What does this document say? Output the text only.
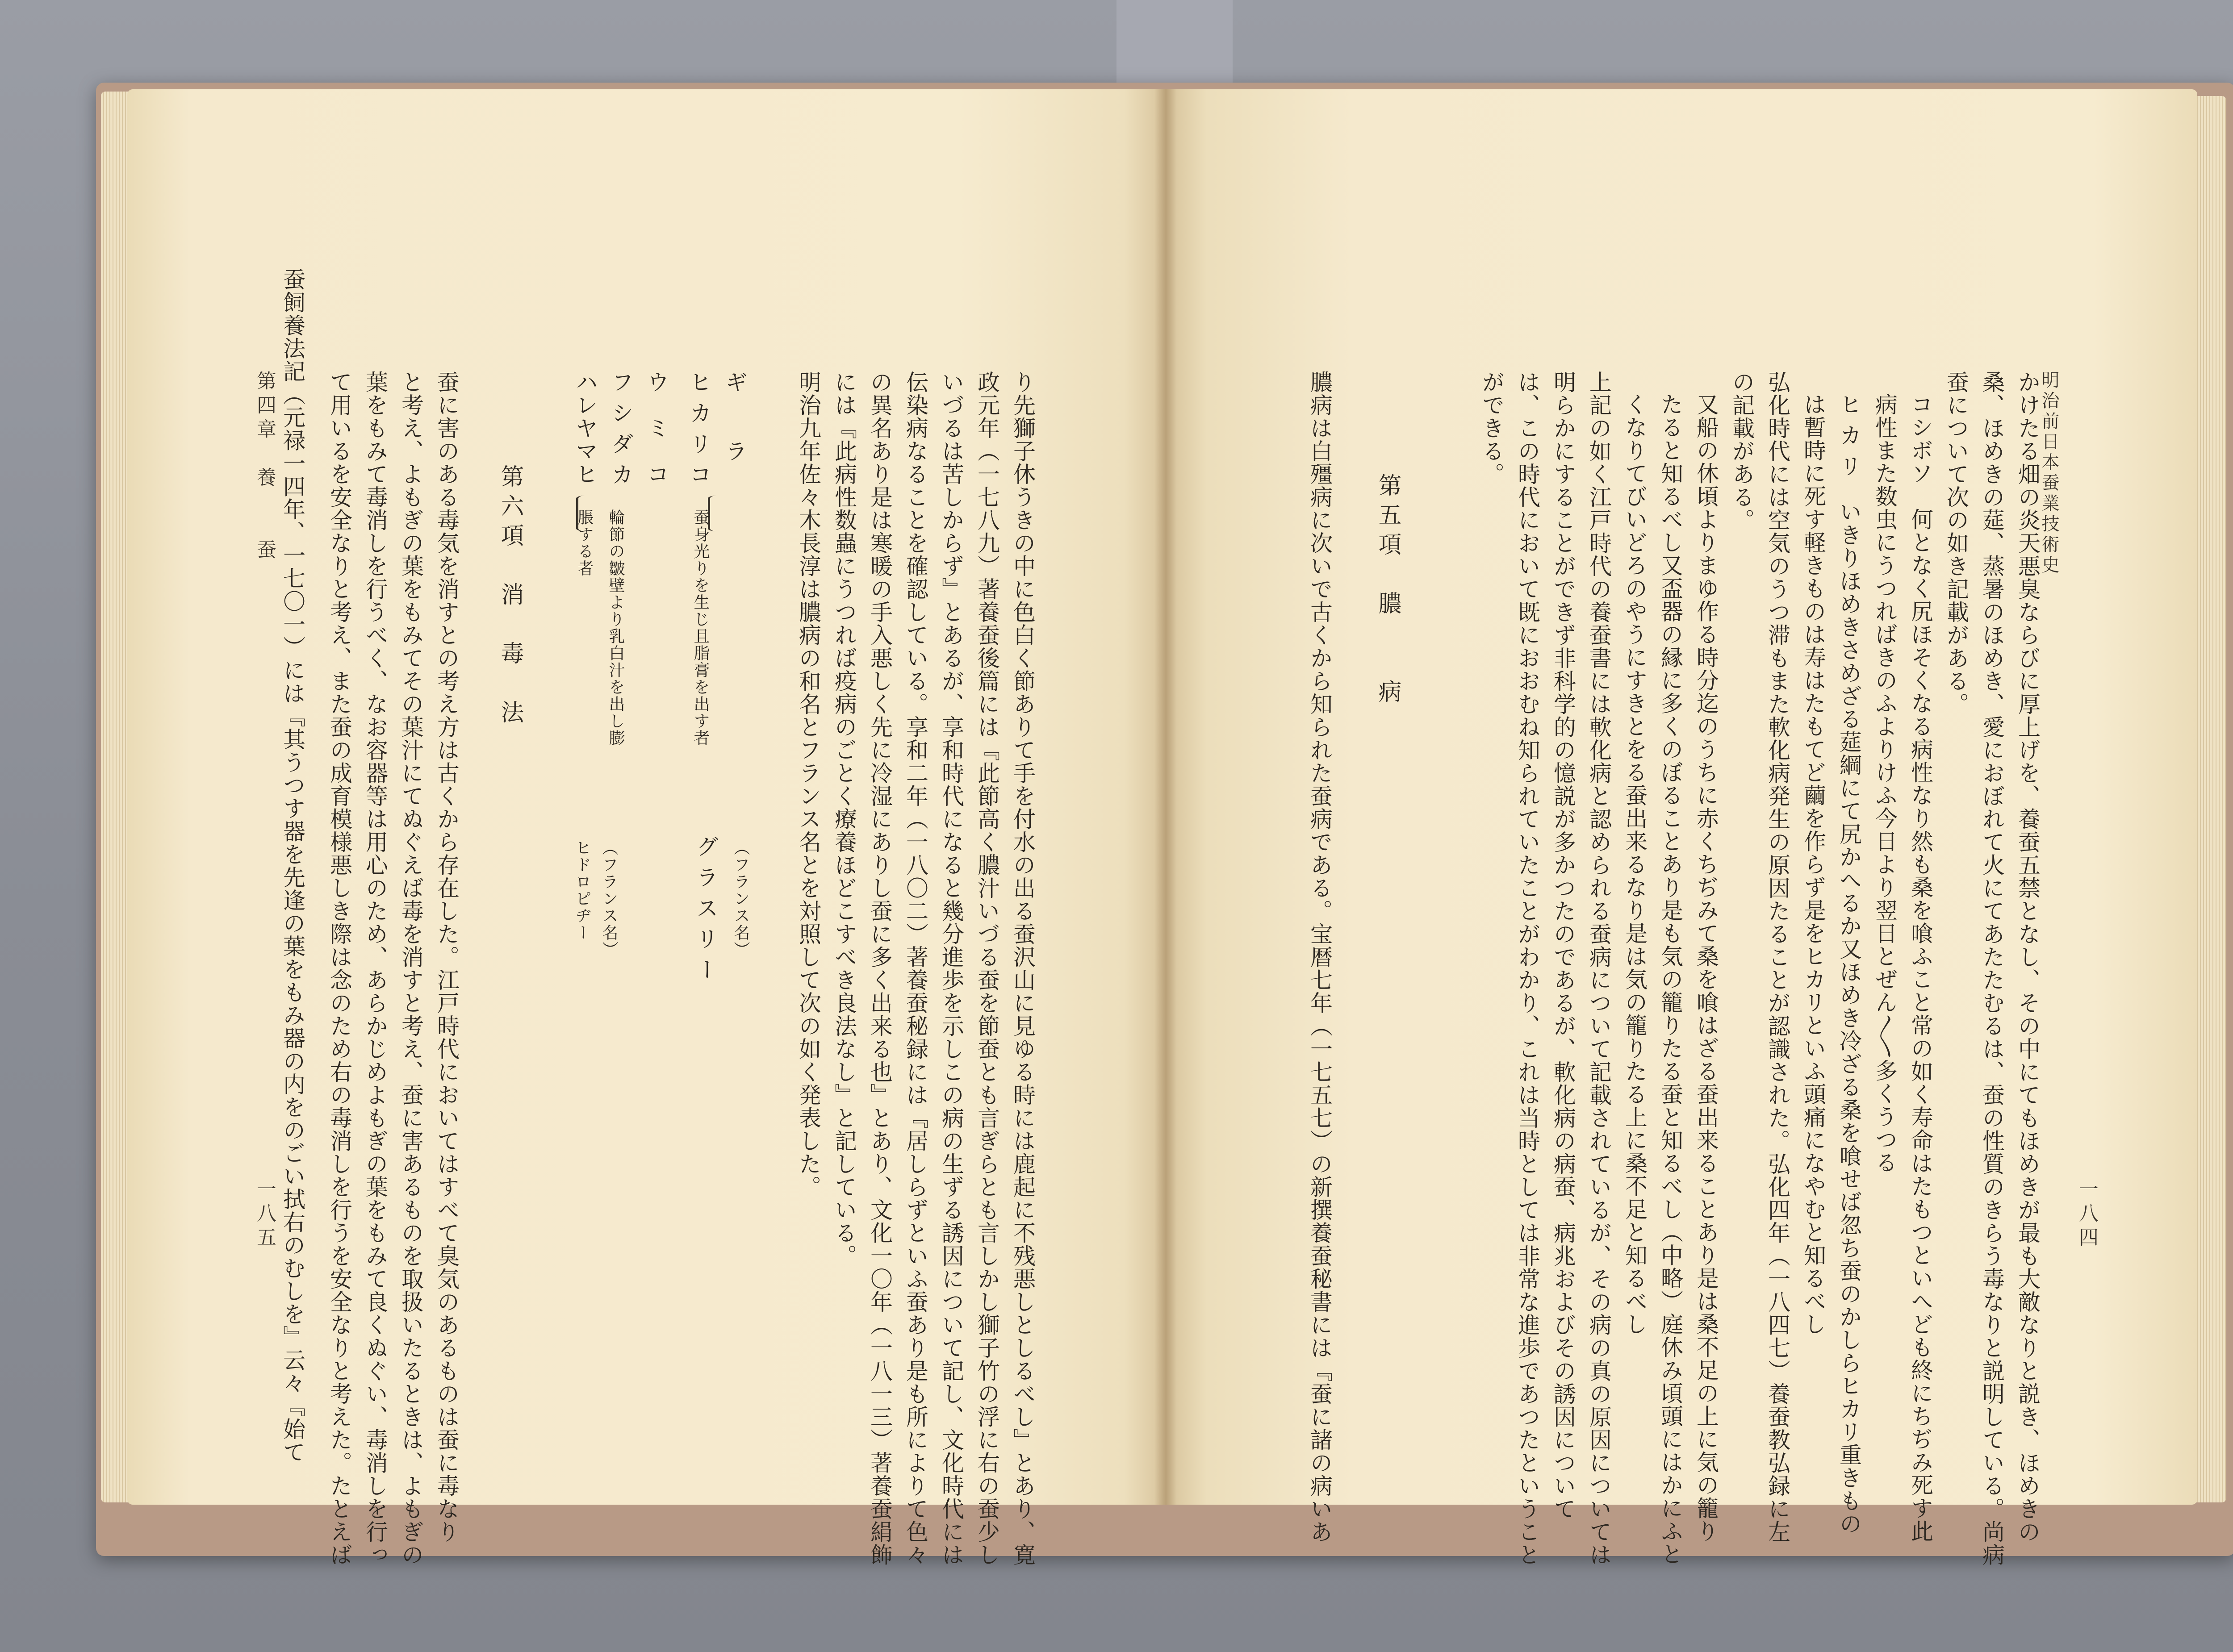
明治前日本蚕業技術史
一八四
かけたる畑の炎天悪臭ならびに厚上げを、養蚕五禁となし、その中にてもほめきが最も大敵なりと説き、ほめきの
桑、ほめきの莚、蒸暑のほめき、愛におぼれて火にてあたたむるは、蚕の性質のきらう毒なりと説明している。尚病
蚕について次の如き記載がある。
コシボソ　何となく尻ほそくなる病性なり然も桑を喰ふこと常の如く寿命はたもつといへども終にちぢみ死す此
病性また数虫にうつればきのふよりけふ今日より翌日とぜん〳〵多くうつる
ヒ カ リ　いきりほめきさめざる莚綱にて尻かへるか又ほめき冷ざる桑を喰せば忽ち蚕のかしらヒカリ重きもの
は暫時に死す軽きものは寿はたもてど繭を作らず是をヒカリといふ頭痛になやむと知るべし
弘化時代には空気のうつ滞もまた軟化病発生の原因たることが認識された。弘化四年（一八四七）養蚕教弘録に左
の記載がある。
又船の休頃よりまゆ作る時分迄のうちに赤くちぢみて桑を喰はざる蚕出来ることあり是は桑不足の上に気の籠り
たると知るべし又盃器の縁に多くのぼることあり是も気の籠りたる蚕と知るべし（中略）庭休み頃頭にはかにふと
くなりてびいどろのやうにすきとをる蚕出来るなり是は気の籠りたる上に桑不足と知るべし
上記の如く江戸時代の養蚕書には軟化病と認められる蚕病について記載されているが、その病の真の原因については
明らかにすることができず非科学的の憶説が多かつたのであるが、軟化病の病蚕、病兆およびその誘因について
は、この時代において既におおむね知られていたことがわかり、これは当時としては非常な進歩であつたということ
ができる。
第五項　膿　　病
膿病は白殭病に次いで古くから知られた蚕病である。宝暦七年（一七五七）の新撰養蚕秘書には『蚕に諸の病いあ
り先獅子休うきの中に色白く節ありて手を付水の出る蚕沢山に見ゆる時には鹿起に不残悪しとしるべし』とあり、寛
政元年（一七八九）著養蚕後篇には『此節高く膿汁いづる蚕を節蚕とも言ぎらとも言しかし獅子竹の浮に右の蚕少し
いづるは苦しからず』とあるが、享和時代になると幾分進歩を示しこの病の生ずる誘因について記し、文化時代には
伝染病なることを確認している。享和二年（一八〇二）著養蚕秘録には『居しらずといふ蚕あり是も所によりて色々
の異名あり是は寒暖の手入悪しく先に冷湿にありし蚕に多く出来る也』とあり、文化一〇年（一八一三）著養蚕絹飾
には『此病性数蟲にうつれば疫病のごとく療養ほどこすべき良法なし』と記している。
明治九年佐々木長淳は膿病の和名とフランス名とを対照して次の如く発表した。
ギ　　ラ
ヒ カ リ コ
ウ　ミ　コ
フ シ ダ カ
ハレヤマヒ
蚕身光りを生じ且脂膏を出す者
輪節の皺壁より乳白汁を出し膨
脹する者
（フランス名）
グ ラ ス リ ー
（フランス名）
ヒドロピヂー
第六項　消　毒　法
蚕に害のある毒気を消すとの考え方は古くから存在した。江戸時代においてはすべて臭気のあるものは蚕に毒なり
と考え、よもぎの葉をもみてその葉汁にてぬぐえば毒を消すと考え、蚕に害あるものを取扱いたるときは、よもぎの
葉をもみて毒消しを行うべく、なお容器等は用心のため、あらかじめよもぎの葉をもみて良くぬぐい、毒消しを行っ
て用いるを安全なりと考え、また蚕の成育模様悪しき際は念のため右の毒消しを行うを安全なりと考えた。たとえば
蚕飼養法記（元禄一四年、一七〇一）には『其うつす器を先逢の葉をもみ器の内をのごい拭右のむしを』云々『始て
第四章　養　　蚕
一八五
